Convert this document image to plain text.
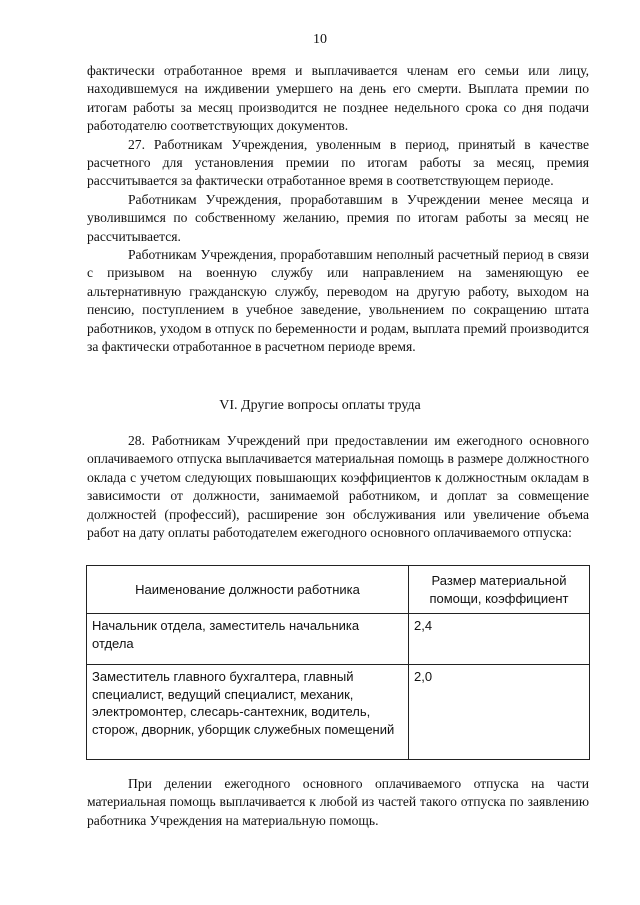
10

фактически отработанное время и выплачивается членам его семьи или лицу, находившемуся на иждивении умершего на день его смерти. Выплата премии по итогам работы за месяц производится не позднее недельного срока со дня подачи работодателю соответствующих документов.

27. Работникам Учреждения, уволенным в период, принятый в качестве расчетного для установления премии по итогам работы за месяц, премия рассчитывается за фактически отработанное время в соответствующем периоде.

Работникам Учреждения, проработавшим в Учреждении менее месяца и уволившимся по собственному желанию, премия по итогам работы за месяц не рассчитывается.

Работникам Учреждения, проработавшим неполный расчетный период в связи с призывом на военную службу или направлением на заменяющую ее альтернативную гражданскую службу, переводом на другую работу, выходом на пенсию, поступлением в учебное заведение, увольнением по сокращению штата работников, уходом в отпуск по беременности и родам, выплата премий производится за фактически отработанное в расчетном периоде время.

VI. Другие вопросы оплаты труда

28. Работникам Учреждений при предоставлении им ежегодного основного оплачиваемого отпуска выплачивается материальная помощь в размере должностного оклада с учетом следующих повышающих коэффициентов к должностным окладам в зависимости от должности, занимаемой работником, и доплат за совмещение должностей (профессий), расширение зон обслуживания или увеличение объема работ на дату оплаты работодателем ежегодного основного оплачиваемого отпуска:

Наименование должности работника	Размер материальной помощи, коэффициент
Начальник отдела, заместитель начальника отдела	2,4
Заместитель главного бухгалтера, главный специалист, ведущий специалист, механик, электромонтер, слесарь-сантехник, водитель, сторож, дворник, уборщик служебных помещений	2,0

При делении ежегодного основного оплачиваемого отпуска на части материальная помощь выплачивается к любой из частей такого отпуска по заявлению работника Учреждения на материальную помощь.
